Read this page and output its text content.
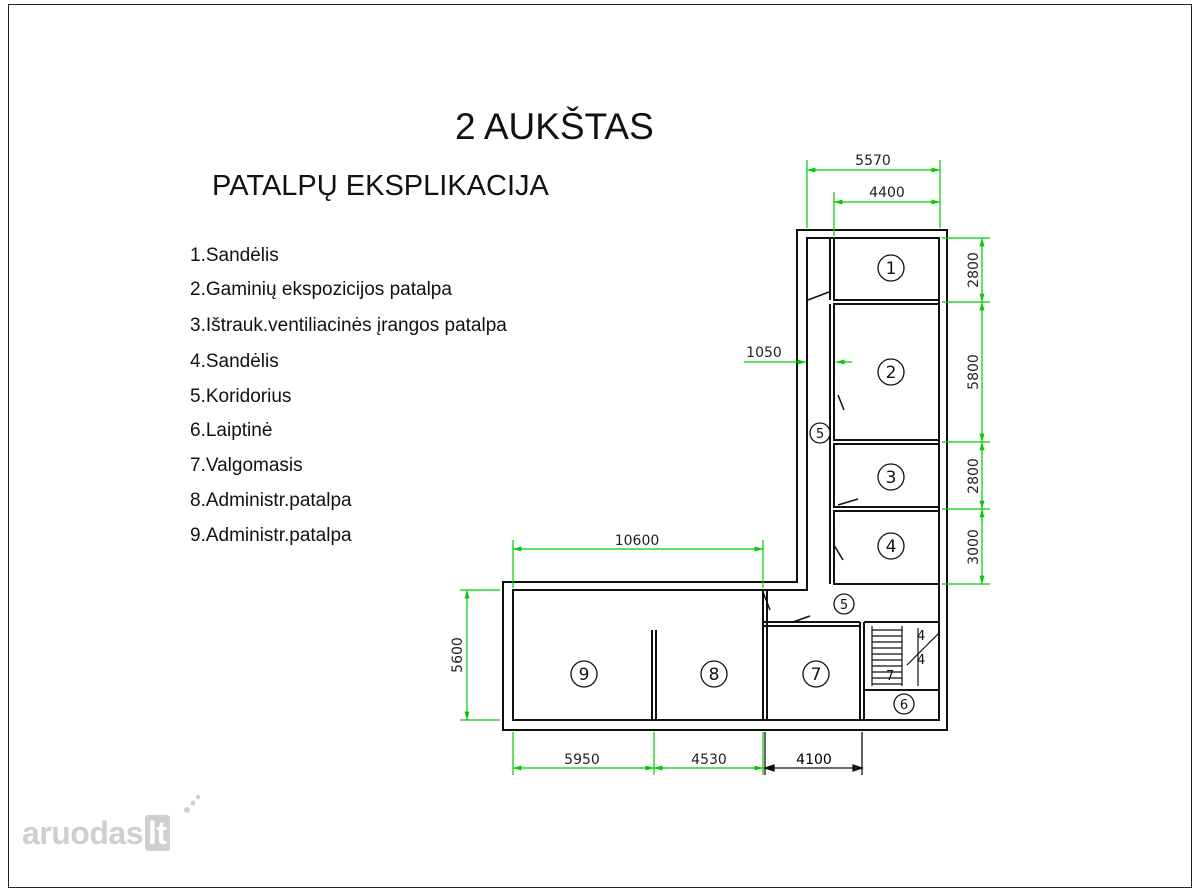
2 AUKŠTAS
PATALPŲ EKSPLIKACIJA
1.Sandėlis
2.Gaminių ekspozicijos patalpa
3.Ištrauk.ventiliacinės įrangos patalpa
4.Sandėlis
5.Koridorius
6.Laiptinė
7.Valgomasis
8.Administr.patalpa
9.Administr.patalpa
4
4
7
1
2
3
4
5
5
6
7
8
9
5570
4400
1050
10600
5950	4530	4100
2800
5800
2800
3000
5600
aruodas lt
